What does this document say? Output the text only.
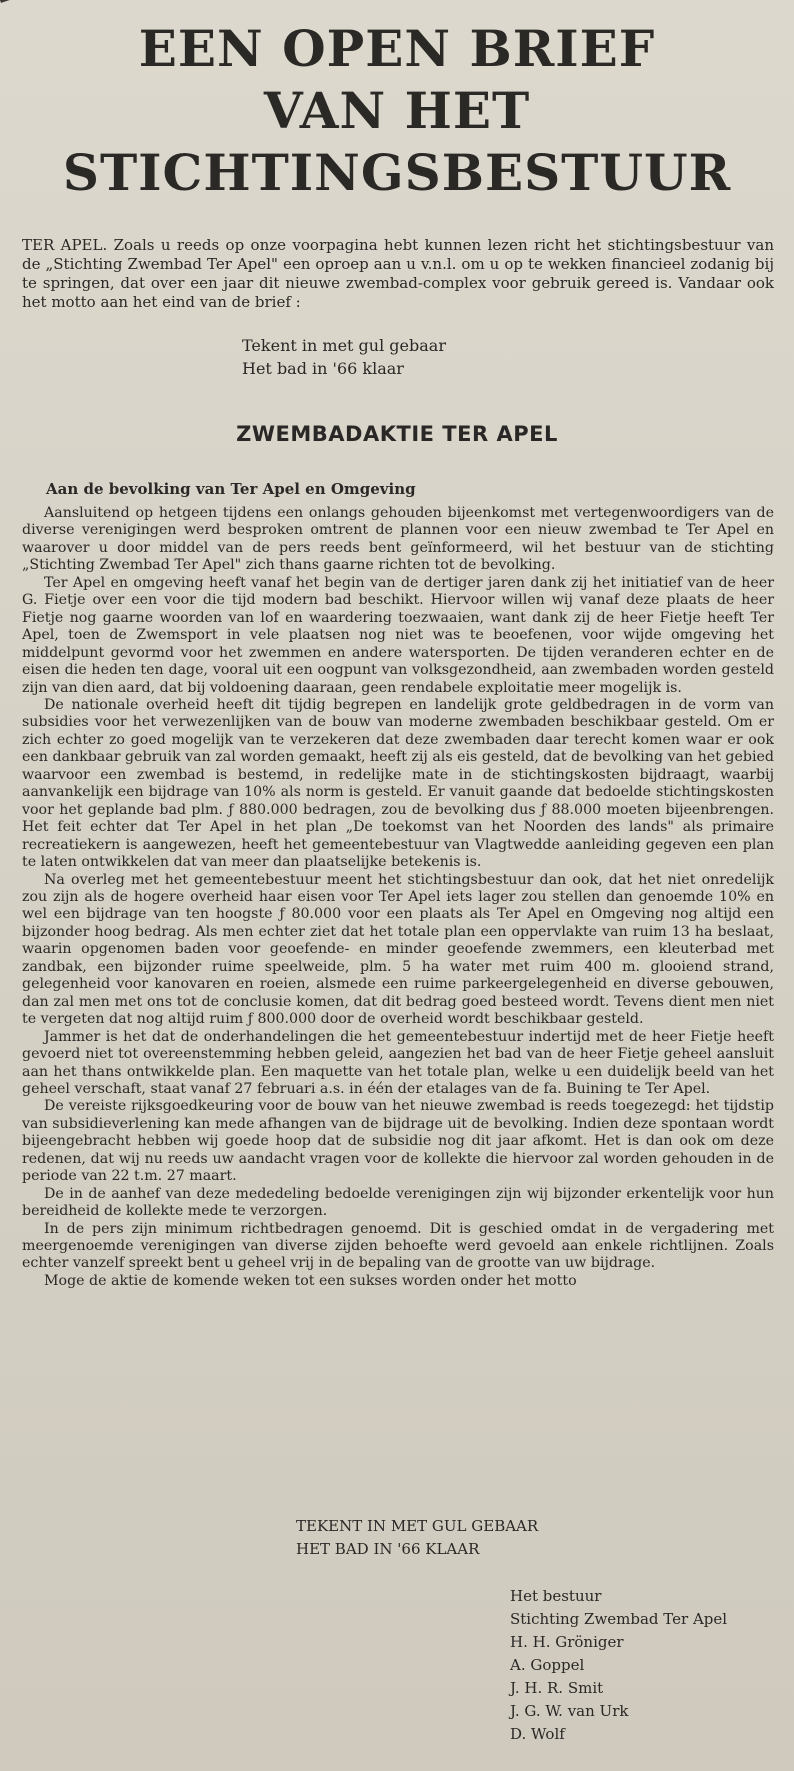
EEN OPEN BRIEF
VAN HET
STICHTINGSBESTUUR
TER APEL. Zoals u reeds op onze voorpagina hebt kunnen lezen richt het stichtingsbestuur van de „Stichting Zwembad Ter Apel" een oproep aan u v.n.l. om u op te wekken financieel zodanig bij te springen, dat over een jaar dit nieuwe zwembad-complex voor gebruik gereed is. Vandaar ook het motto aan het eind van de brief :
Tekent in met gul gebaar
Het bad in '66 klaar
ZWEMBADAKTIE TER APEL
Aan de bevolking van Ter Apel en Omgeving

Aansluitend op hetgeen tijdens een onlangs gehouden bijeenkomst met vertegenwoordigers van de diverse verenigingen werd besproken omtrent de plannen voor een nieuw zwembad te Ter Apel en waarover u door middel van de pers reeds bent geïnformeerd, wil het bestuur van de stichting „Stichting Zwembad Ter Apel" zich thans gaarne richten tot de bevolking.

Ter Apel en omgeving heeft vanaf het begin van de dertiger jaren dank zij het initiatief van de heer G. Fietje over een voor die tijd modern bad beschikt. Hiervoor willen wij vanaf deze plaats de heer Fietje nog gaarne woorden van lof en waardering toezwaaien, want dank zij de heer Fietje heeft Ter Apel, toen de Zwemsport in vele plaatsen nog niet was te beoefenen, voor wijde omgeving het middelpunt gevormd voor het zwemmen en andere watersporten. De tijden veranderen echter en de eisen die heden ten dage, vooral uit een oogpunt van volksgezondheid, aan zwembaden worden gesteld zijn van dien aard, dat bij voldoening daaraan, geen rendabele exploitatie meer mogelijk is.

De nationale overheid heeft dit tijdig begrepen en landelijk grote geldbedragen in de vorm van subsidies voor het verwezenlijken van de bouw van moderne zwembaden beschikbaar gesteld. Om er zich echter zo goed mogelijk van te verzekeren dat deze zwembaden daar terecht komen waar er ook een dankbaar gebruik van zal worden gemaakt, heeft zij als eis gesteld, dat de bevolking van het gebied waarvoor een zwembad is bestemd, in redelijke mate in de stichtingskosten bijdraagt, waarbij aanvankelijk een bijdrage van 10% als norm is gesteld. Er vanuit gaande dat bedoelde stichtingskosten voor het geplande bad plm. ƒ 880.000 bedragen, zou de bevolking dus ƒ 88.000 moeten bijeenbrengen. Het feit echter dat Ter Apel in het plan „De toekomst van het Noorden des lands" als primaire recreatiekern is aangewezen, heeft het gemeentebestuur van Vlagtwedde aanleiding gegeven een plan te laten ontwikkelen dat van meer dan plaatselijke betekenis is.

Na overleg met het gemeentebestuur meent het stichtingsbestuur dan ook, dat het niet onredelijk zou zijn als de hogere overheid haar eisen voor Ter Apel iets lager zou stellen dan genoemde 10% en wel een bijdrage van ten hoogste ƒ 80.000 voor een plaats als Ter Apel en Omgeving nog altijd een bijzonder hoog bedrag. Als men echter ziet dat het totale plan een oppervlakte van ruim 13 ha beslaat, waarin opgenomen baden voor geoefende- en minder geoefende zwemmers, een kleuterbad met zandbak, een bijzonder ruime speelweide, plm. 5 ha water met ruim 400 m. glooiend strand, gelegenheid voor kanovaren en roeien, alsmede een ruime parkeergelegenheid en diverse gebouwen, dan zal men met ons tot de conclusie komen, dat dit bedrag goed besteed wordt. Tevens dient men niet te vergeten dat nog altijd ruim ƒ 800.000 door de overheid wordt beschikbaar gesteld.

Jammer is het dat de onderhandelingen die het gemeentebestuur indertijd met de heer Fietje heeft gevoerd niet tot overeenstemming hebben geleid, aangezien het bad van de heer Fietje geheel aansluit aan het thans ontwikkelde plan. Een maquette van het totale plan, welke u een duidelijk beeld van het geheel verschaft, staat vanaf 27 februari a.s. in één der etalages van de fa. Buining te Ter Apel.

De vereiste rijksgoedkeuring voor de bouw van het nieuwe zwembad is reeds toegezegd: het tijdstip van subsidieverlening kan mede afhangen van de bijdrage uit de bevolking. Indien deze spontaan wordt bijeengebracht hebben wij goede hoop dat de subsidie nog dit jaar afkomt. Het is dan ook om deze redenen, dat wij nu reeds uw aandacht vragen voor de kollekte die hiervoor zal worden gehouden in de periode van 22 t.m. 27 maart.

De in de aanhef van deze mededeling bedoelde verenigingen zijn wij bijzonder erkentelijk voor hun bereidheid de kollekte mede te verzorgen.

In de pers zijn minimum richtbedragen genoemd. Dit is geschied omdat in de vergadering met meergenoemde verenigingen van diverse zijden behoefte werd gevoeld aan enkele richtlijnen. Zoals echter vanzelf spreekt bent u geheel vrij in de bepaling van de grootte van uw bijdrage.

Moge de aktie de komende weken tot een sukses worden onder het motto

TEKENT IN MET GUL GEBAAR
HET BAD IN '66 KLAAR
Het bestuur
Stichting Zwembad Ter Apel
H. H. Gröniger
A. Goppel
J. H. R. Smit
J. G. W. van Urk
D. Wolf
